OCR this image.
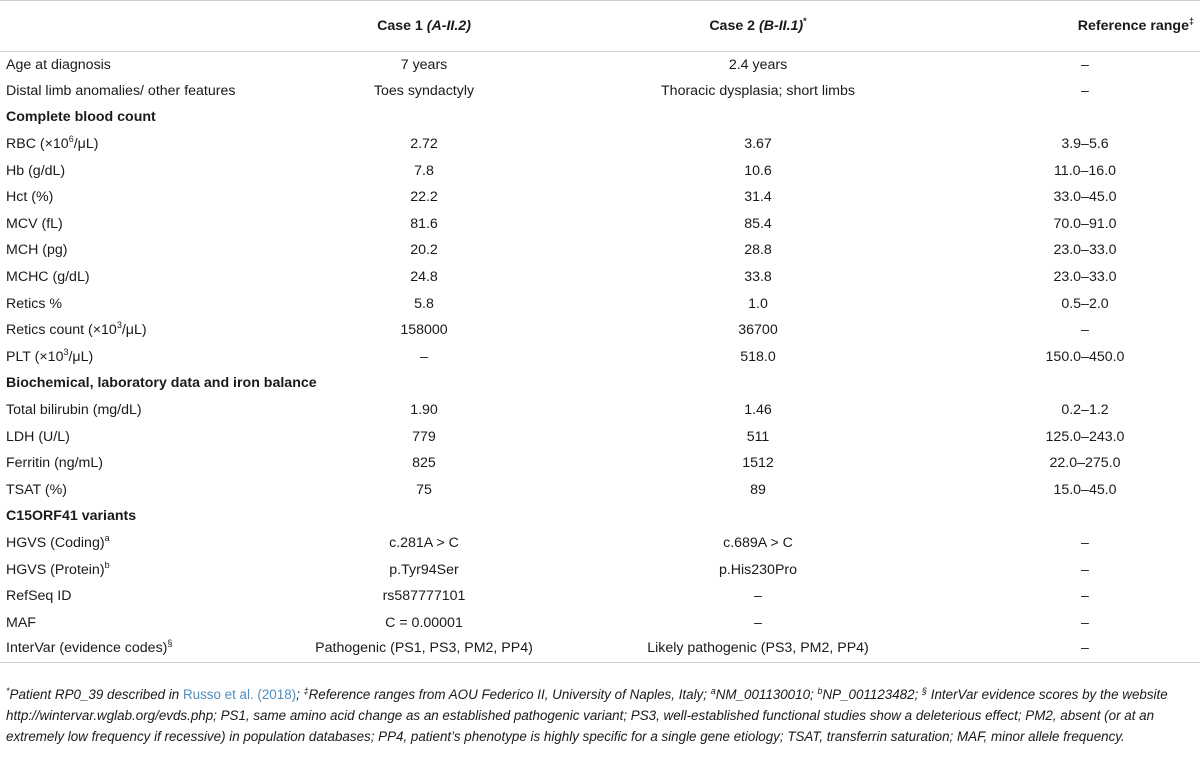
	Case 1 (A-II.2)	Case 2 (B-II.1)*	Reference range‡
Age at diagnosis	7 years	2.4 years	–
Distal limb anomalies/ other features	Toes syndactyly	Thoracic dysplasia; short limbs	–
Complete blood count			
RBC $(\times 10^6/\mu L)$	2.72	3.67	3.9–5.6
Hb (g/dL)	7.8	10.6	11.0–16.0
Hct (%)	22.2	31.4	33.0–45.0
MCV (fL)	81.6	85.4	70.0–91.0
MCH (pg)	20.2	28.8	23.0–33.0
MCHC (g/dL)	24.8	33.8	23.0–33.0
Retics %	5.8	1.0	0.5–2.0
Retics count $(\times 10^3/\mu L)$	158000	36700	–
PLT $(\times 10^3/\mu L)$	–	518.0	150.0–450.0
Biochemical, laboratory data and iron balance			
Total bilirubin (mg/dL)	1.90	1.46	0.2–1.2
LDH (U/L)	779	511	125.0–243.0
Ferritin (ng/mL)	825	1512	22.0–275.0
TSAT (%)	75	89	15.0–45.0
C15ORF41 variants			
HGVS (Coding)$^a$	c.281A > C	c.689A > C	–
HGVS (Protein)$^b$	p.Tyr94Ser	p.His230Pro	–
RefSeq ID	rs587777101	–	–
MAF	C = 0.00001	–	–
InterVar (evidence codes)§	Pathogenic (PS1, PS3, PM2, PP4)	Likely pathogenic (PS3, PM2, PP4)	–
*Patient RP0_39 described in Russo et al. (2018); ‡Reference ranges from AOU Federico II, University of Naples, Italy; $^a$NM_001130010; $^b$NP_001123482; § InterVar evidence scores by the website http://wintervar.wglab.org/evds.php; PS1, same amino acid change as an established pathogenic variant; PS3, well-established functional studies show a deleterious effect; PM2, absent (or at an extremely low frequency if recessive) in population databases; PP4, patient’s phenotype is highly specific for a single gene etiology; TSAT, transferrin saturation; MAF, minor allele frequency.
